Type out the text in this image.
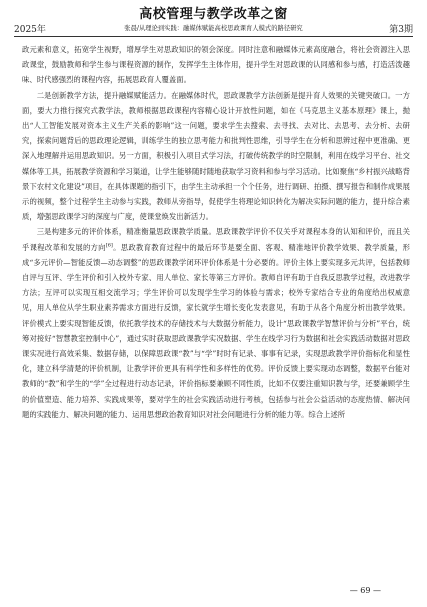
高校管理与教学改革之窗
2025年	张晨/从理论到实践：融媒体赋能高校思政课育人模式的路径研究	第3期

政元素和意义，拓宽学生视野，增厚学生对思政知识的领会深度。同时注意和融媒体元素高度融合，将社会资源注入思政课堂，鼓励教师和学生参与课程资源的制作，发挥学生主体作用，提升学生对思政课的认同感和参与感，打造活泼趣味、时代感强烈的课程内容，拓展思政育人覆盖面。

二是创新教学方法，提升融媒赋能活力。在融媒体时代，思政课教学方法创新是提升育人效果的关键突破口。一方面，要大力推行探究式教学法，教师根据思政课程内容精心设计开放性问题，如在《马克思主义基本原理》课上，抛出“人工智能发展对资本主义生产关系的影响”这一问题，要求学生去搜索、去寻找、去对比、去思考、去分析、去研究，探索问题背后的思政理论逻辑，训练学生的独立思考能力和批判性思维，引导学生在分析和思辨过程中更准确、更深入地理解并运用思政知识。另一方面，积极引入项目式学习法，打破传统教学的时空限制，利用在线学习平台、社交媒体等工具，拓展教学资源和学习渠道，让学生能够随时随地获取学习资料和参与学习活动。比如聚焦“乡村振兴战略背景下农村文化建设”项目，在具体课题的指引下，由学生主动承担一个个任务，进行调研、拍摄、撰写报告和制作成果展示的视频，整个过程学生主动参与实践，教师从旁指导，促使学生将理论知识转化为解决实际问题的能力，提升综合素质，增强思政课学习的深度与广度，使课堂焕发出新活力。

三是构建多元的评价体系，精准衡量思政课教学质量。思政课教学评价不仅关乎对课程本身的认知和评价，而且关乎课程改革和发展的方向[6]。思政教育教育过程中的最后环节是要全面、客观、精准地评价教学效果、教学质量，形成“多元评价—智能反馈—动态调整”的思政课教学闭环评价体系是十分必要的。评价主体上要实现多元共评，包括教师自评与互评、学生评价和引入校外专家、用人单位、家长等第三方评价。教师自评有助于自我反思教学过程，改进教学方法；互评可以实现互相交流学习；学生评价可以发现学生学习的体验与需求；校外专家结合专业的角度给出权威意见，用人单位从学生职业素养需求方面进行反馈，家长就学生增长变化发表意见，有助于从各个角度分析出教学效果。评价模式上要实现智能反馈，依托教学技术的存储技术与大数据分析能力，设计“思政课教学智慧评价与分析”平台，统筹对接好“智慧教室控制中心”，通过实时获取思政课教学实况数据、学生在线学习行为数据和社会实践活动数据对思政课实况进行高效采集、数据存储，以保障思政课“教”与“学”时时有记录、事事有记录，实现思政教学评价指标化和显性化，建立科学清楚的评价机制，让教学评价更具有科学性和多样性的优势。评价反馈上要实现动态调整，数据平台能对教师的“教”和学生的“学”全过程进行动态记录，评价指标要兼顾不同性质，比如不仅要注重知识教与学，还要兼顾学生的价值塑造、能力培养、实践成果等，要对学生的社会实践活动进行考核，包括参与社会公益活动的态度热情、解决问题的实践能力、解决问题的能力、运用思想政治教育知识对社会问题进行分析的能力等。综合上述所

— 69 —
